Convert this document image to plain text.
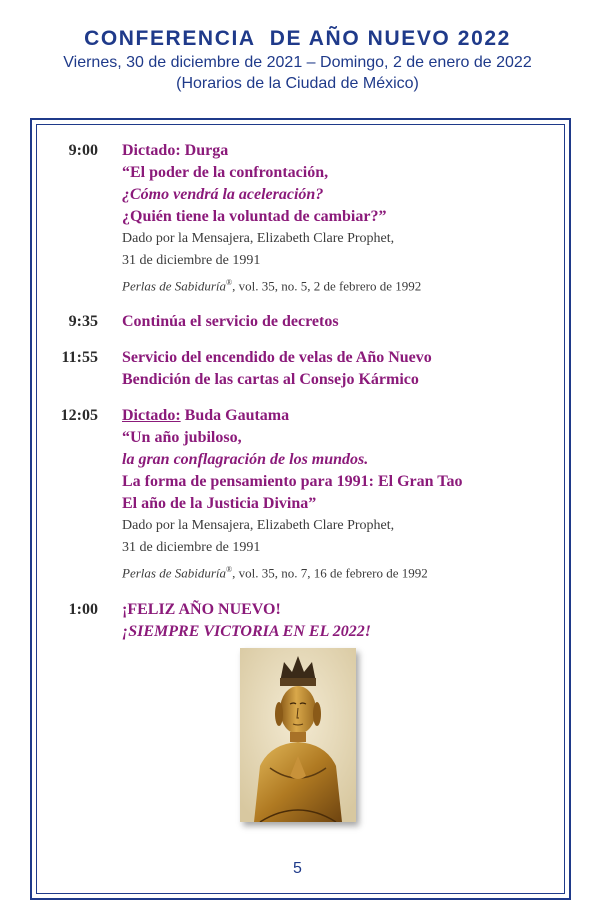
CONFERENCIA  DE AÑO NUEVO 2022
Viernes, 30 de diciembre de 2021 – Domingo, 2 de enero de 2022
(Horarios de la Ciudad de México)
9:00 Dictado: Durga
“El poder de la confrontación,
¿Cómo vendrá la aceleración?
¿Quién tiene la voluntad de cambiar?”
Dado por la Mensajera, Elizabeth Clare Prophet,
31 de diciembre de 1991
Perlas de Sabiduría®, vol. 35, no. 5, 2 de febrero de 1992
9:35 Continúa el servicio de decretos
11:55 Servicio del encendido de velas de Año Nuevo
Bendición de las cartas al Consejo Kármico
12:05 Dictado: Buda Gautama
“Un año jubiloso,
la gran conflagración de los mundos.
La forma de pensamiento para 1991: El Gran Tao
El año de la Justicia Divina”
Dado por la Mensajera, Elizabeth Clare Prophet,
31 de diciembre de 1991
Perlas de Sabiduría®, vol. 35, no. 7, 16 de febrero de 1992
1:00 ¡FELIZ AÑO NUEVO!
¡SIEMPRE VICTORIA EN EL 2022!
5
